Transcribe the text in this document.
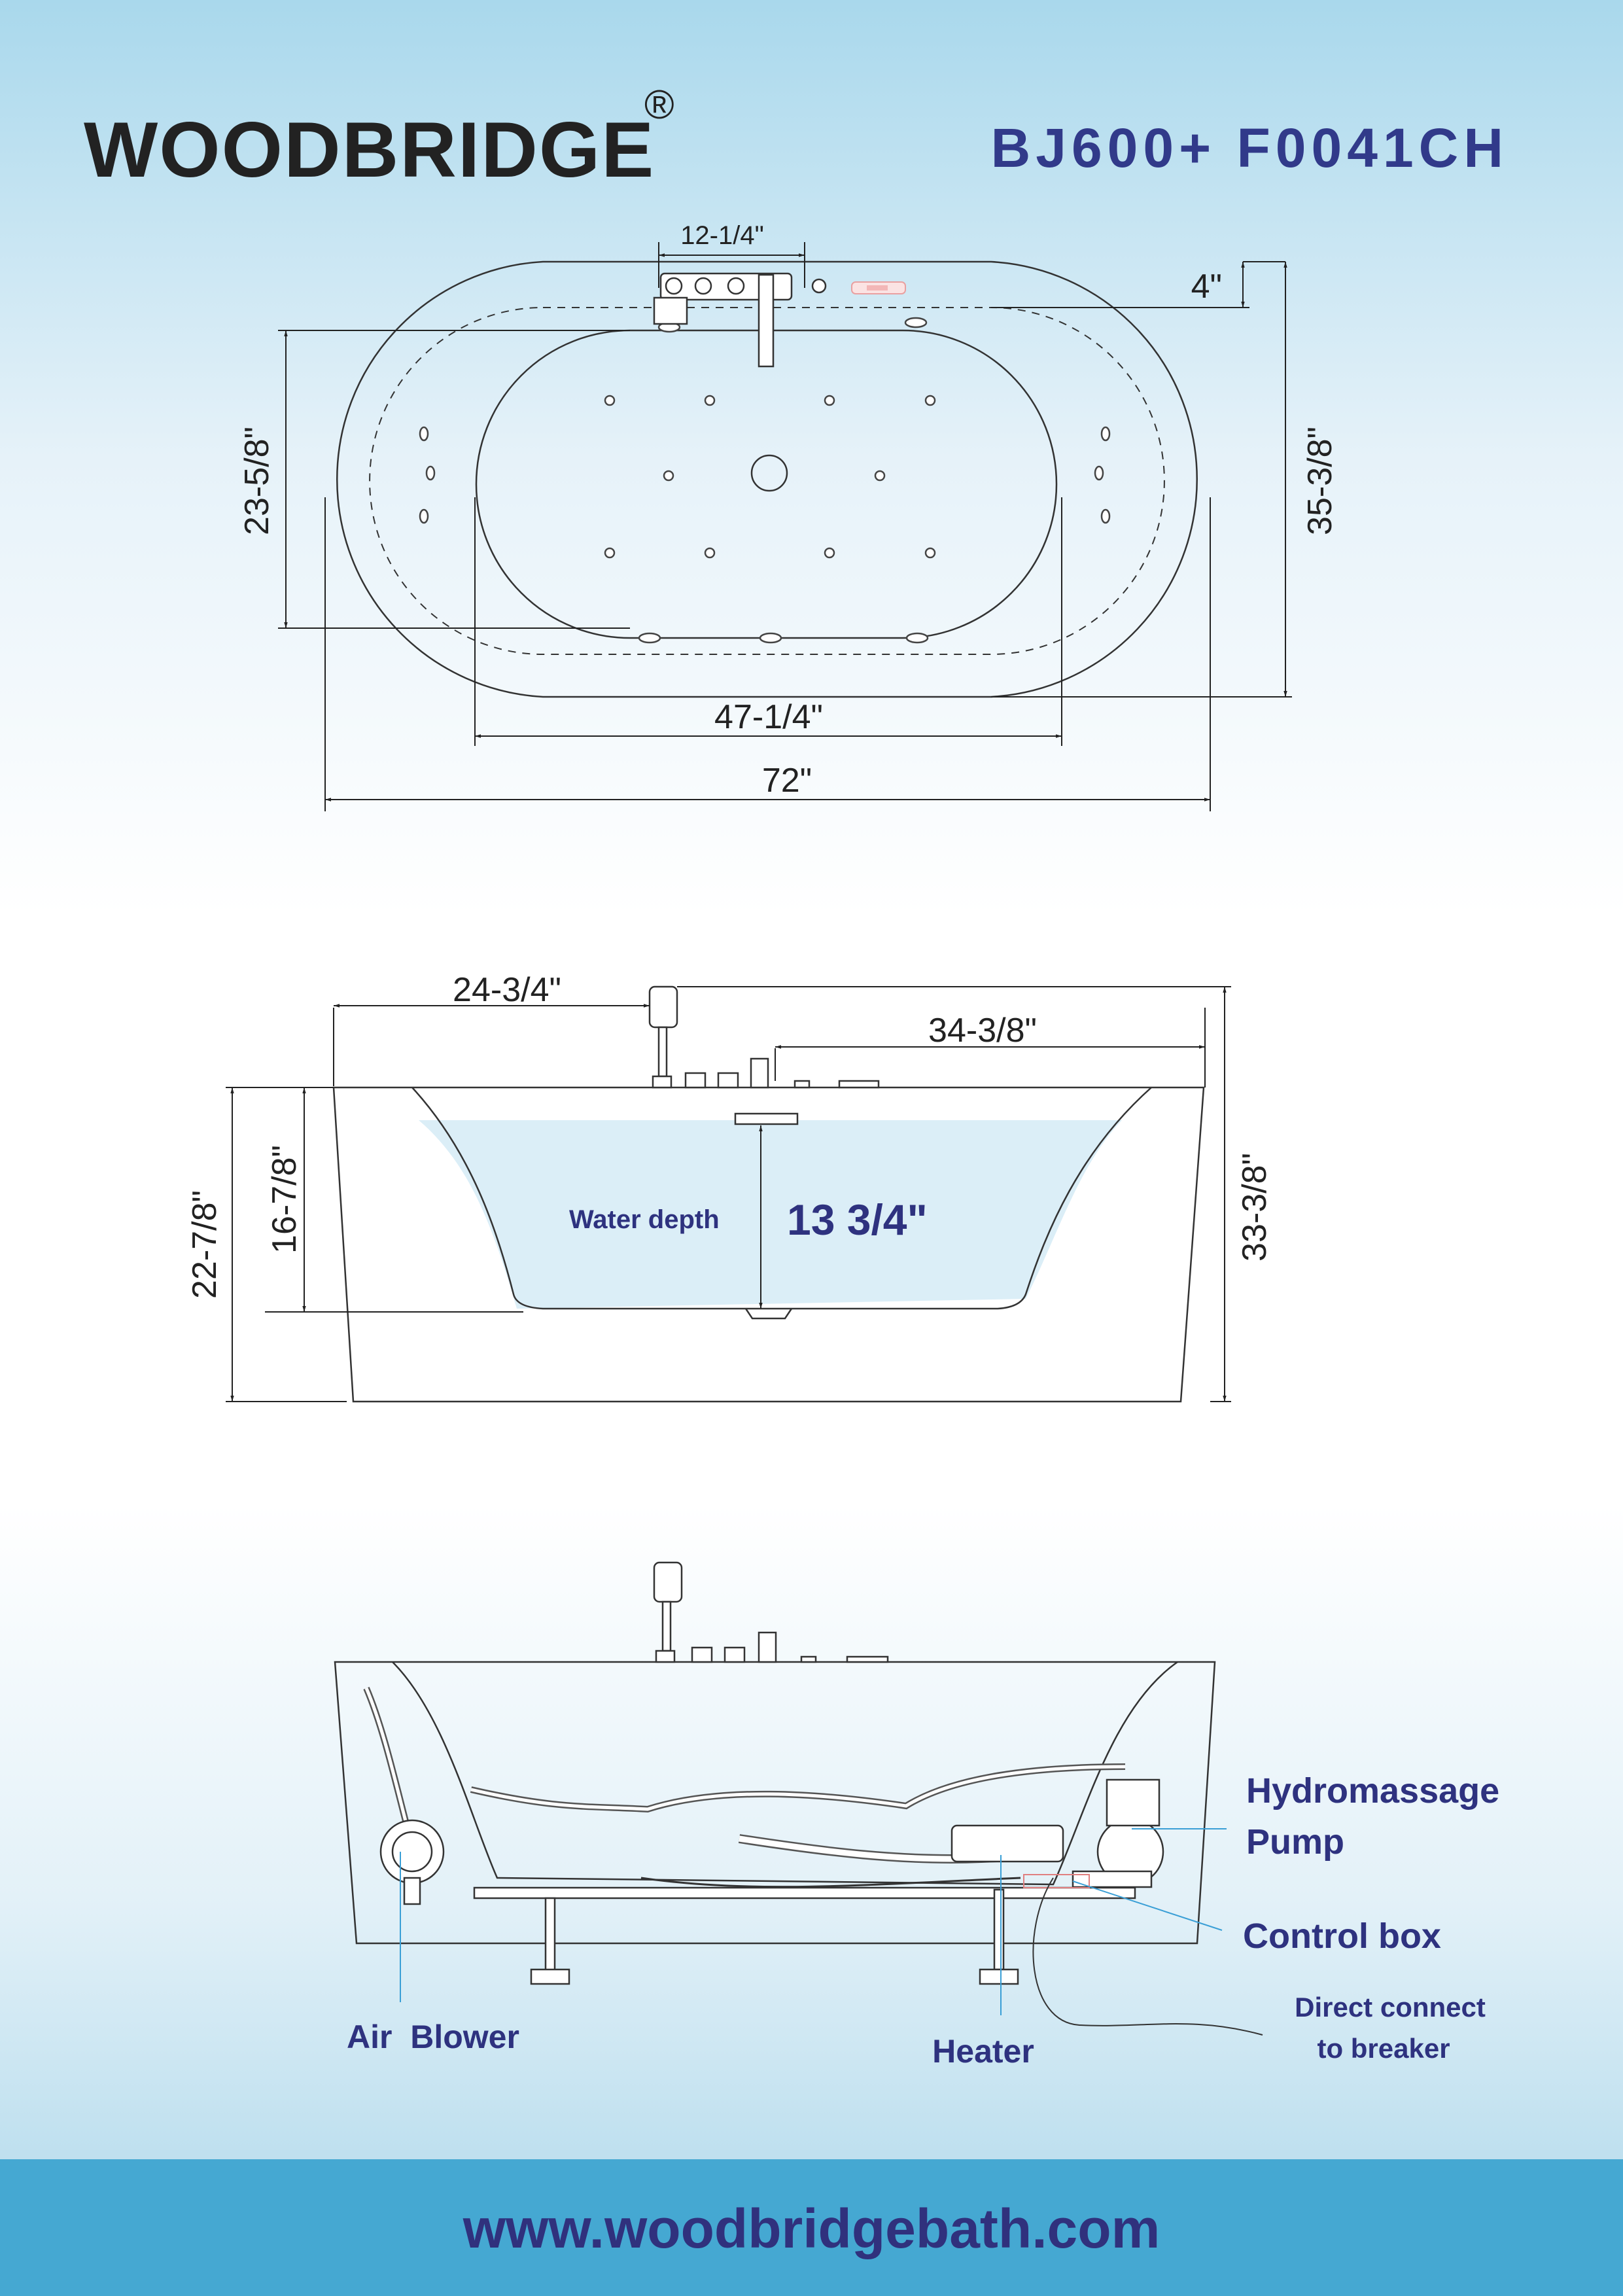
WOODBRIDGE
®
BJ600+ F0041CH
12-1/4"
4"
23-5/8"	35-3/8"
47-1/4"
72"
24-3/4"
34-3/8"
22-7/8" 16-7/8"	33-3/8"
Water depth 13 3/4"
Hydromassage
Pump
Control box
Direct connect
to breaker
Heater
Air  Blower
www.woodbridgebath.com
